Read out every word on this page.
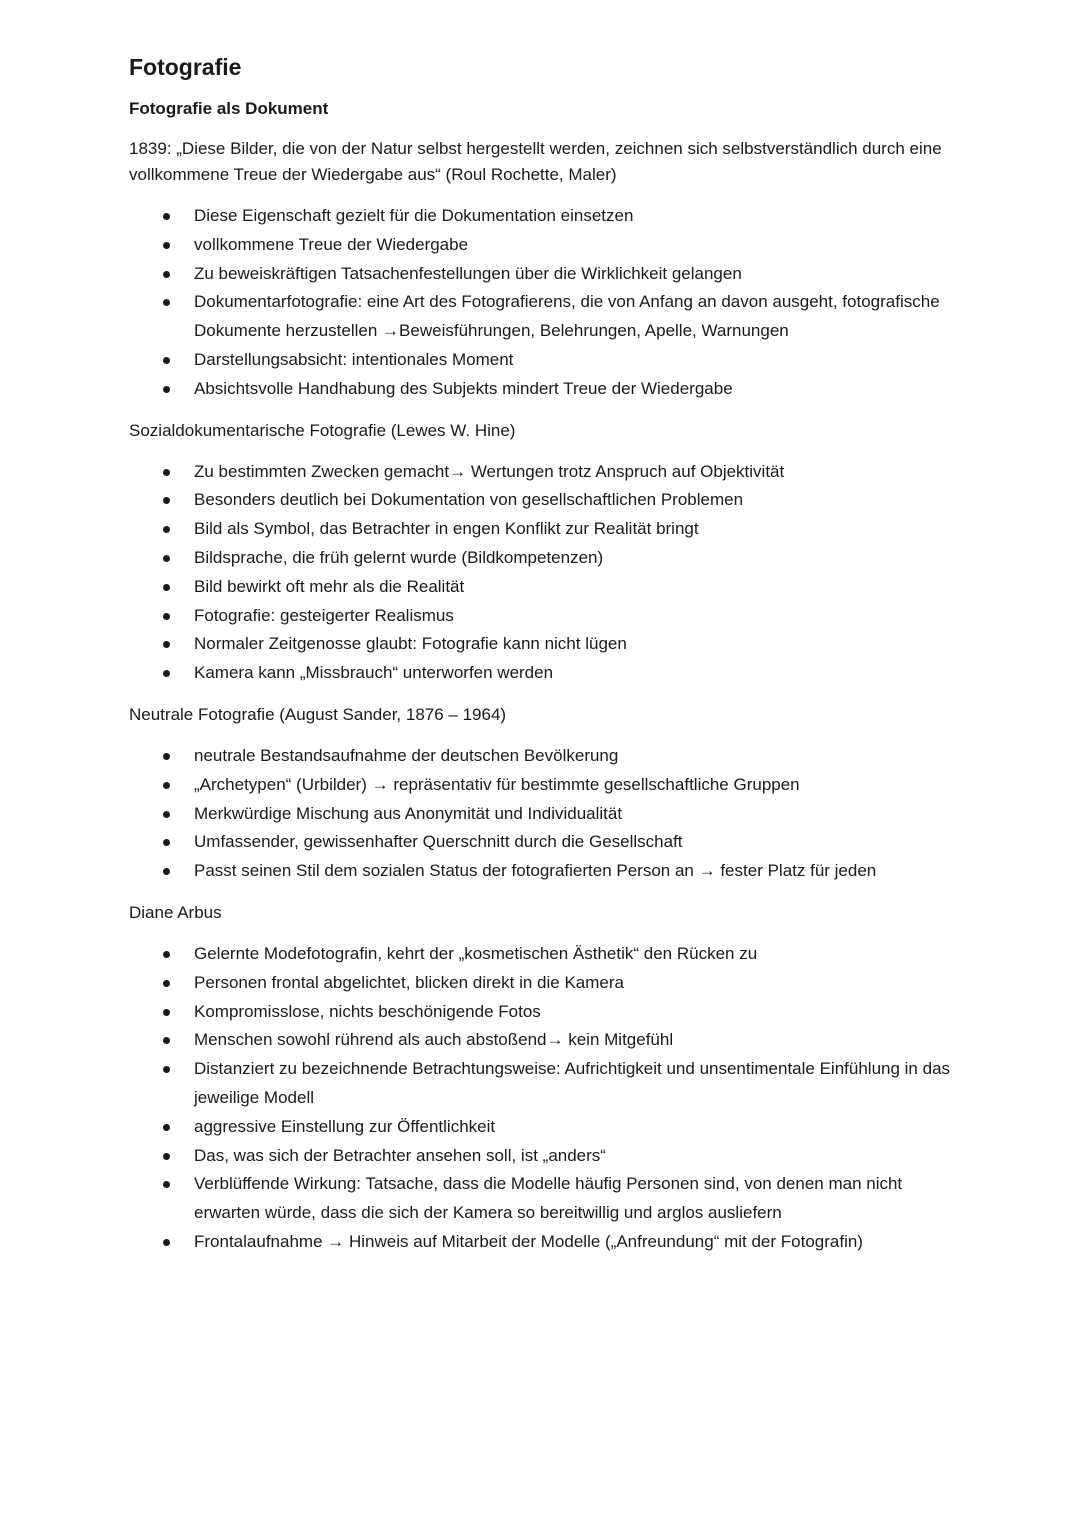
Fotografie
Fotografie als Dokument

1839: „Diese Bilder, die von der Natur selbst hergestellt werden, zeichnen sich selbstverständlich durch eine vollkommene Treue der Wiedergabe aus“ (Roul Rochette, Maler)

Diese Eigenschaft gezielt für die Dokumentation einsetzen
vollkommene Treue der Wiedergabe
Zu beweiskräftigen Tatsachenfestellungen über die Wirklichkeit gelangen
Dokumentarfotografie: eine Art des Fotografierens, die von Anfang an davon ausgeht, fotografische Dokumente herzustellen →Beweisführungen, Belehrungen, Apelle, Warnungen
Darstellungsabsicht: intentionales Moment
Absichtsvolle Handhabung des Subjekts mindert Treue der Wiedergabe

Sozialdokumentarische Fotografie (Lewes W. Hine)

Zu bestimmten Zwecken gemacht→ Wertungen trotz Anspruch auf Objektivität
Besonders deutlich bei Dokumentation von gesellschaftlichen Problemen
Bild als Symbol, das Betrachter in engen Konflikt zur Realität bringt
Bildsprache, die früh gelernt wurde (Bildkompetenzen)
Bild bewirkt oft mehr als die Realität
Fotografie: gesteigerter Realismus
Normaler Zeitgenosse glaubt: Fotografie kann nicht lügen
Kamera kann „Missbrauch“ unterworfen werden

Neutrale Fotografie (August Sander, 1876 – 1964)

neutrale Bestandsaufnahme der deutschen Bevölkerung
„Archetypen“ (Urbilder) → repräsentativ für bestimmte gesellschaftliche Gruppen
Merkwürdige Mischung aus Anonymität und Individualität
Umfassender, gewissenhafter Querschnitt durch die Gesellschaft
Passt seinen Stil dem sozialen Status der fotografierten Person an → fester Platz für jeden

Diane Arbus

Gelernte Modefotografin, kehrt der „kosmetischen Ästhetik“ den Rücken zu
Personen frontal abgelichtet, blicken direkt in die Kamera
Kompromisslose, nichts beschönigende Fotos
Menschen sowohl rührend als auch abstoßend→ kein Mitgefühl
Distanziert zu bezeichnende Betrachtungsweise: Aufrichtigkeit und unsentimentale Einfühlung in das jeweilige Modell
aggressive Einstellung zur Öffentlichkeit
Das, was sich der Betrachter ansehen soll, ist „anders“
Verblüffende Wirkung: Tatsache, dass die Modelle häufig Personen sind, von denen man nicht erwarten würde, dass die sich der Kamera so bereitwillig und arglos ausliefern
Frontalaufnahme → Hinweis auf Mitarbeit der Modelle („Anfreundung“ mit der Fotografin)
